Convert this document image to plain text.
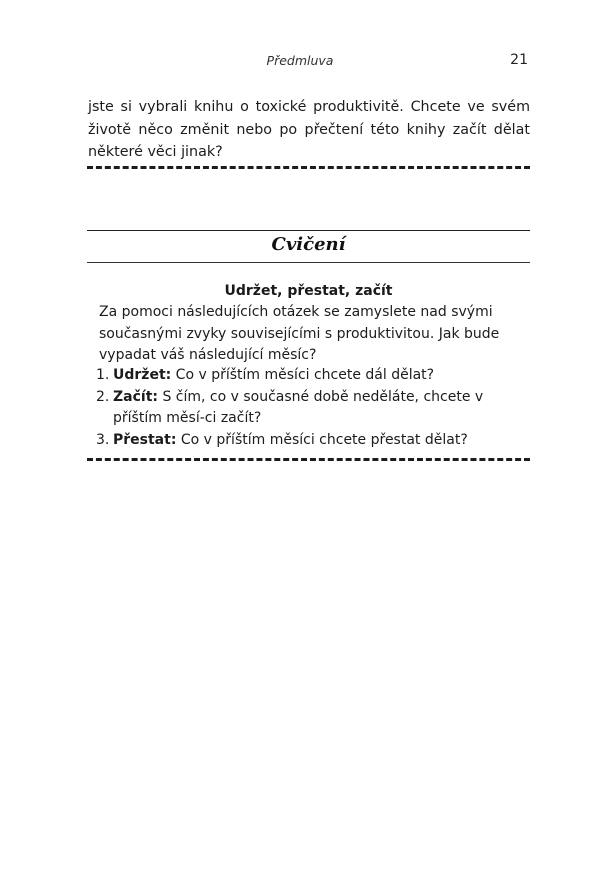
Předmluva	21

jste si vybrali knihu o toxické produktivitě. Chcete ve svém životě něco změnit nebo po přečtení této knihy začít dělat některé věci jinak?

Cvičení
Udržet, přestat, začít

Za pomoci následujících otázek se zamyslete nad svými současnými zvyky souvisejícími s produktivitou. Jak bude vypadat váš následující měsíc?

1. Udržet: Co v příštím měsíci chcete dál dělat?
2. Začít: S čím, co v současné době neděláte, chcete v příštím měsí-ci začít?
3. Přestat: Co v příštím měsíci chcete přestat dělat?
